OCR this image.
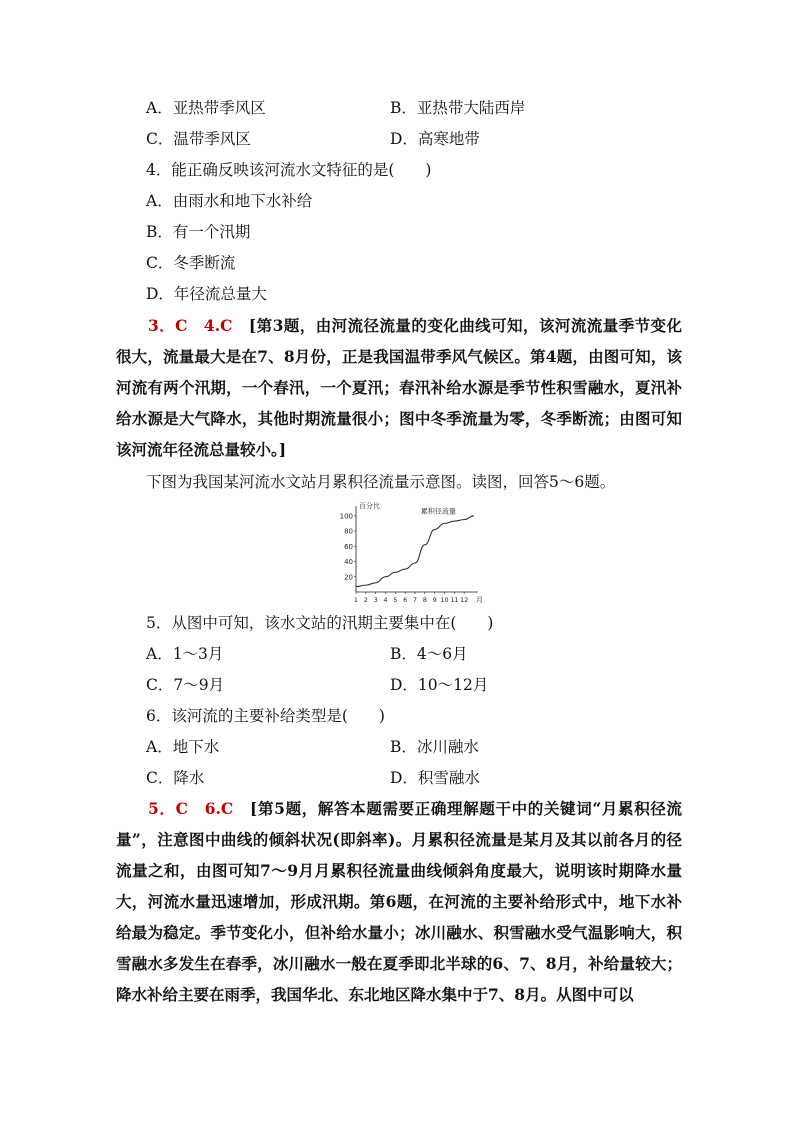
A．亚热带季风区	B．亚热带大陆西岸
C．温带季风区	D．高寒地带
4．能正确反映该河流水文特征的是(　　)
A．由雨水和地下水补给
B．有一个汛期
C．冬季断流
D．年径流总量大
3．C　4.C　 [第3题，由河流径流量的变化曲线可知，该河流流量季节变化很大，流量最大是在7、8月份，正是我国温带季风气候区。第4题，由图可知，该河流有两个汛期，一个春汛，一个夏汛；春汛补给水源是季节性积雪融水，夏汛补给水源是大气降水，其他时期流量很小；图中冬季流量为零，冬季断流；由图可知该河流年径流总量较小。]
下图为我国某河流水文站月累积径流量示意图。读图，回答5～6题。
百分比
20
40
60
80
100
1 2 3 4 5 6 7 8 9 10 11 12 月
累积径流量
5．从图中可知，该水文站的汛期主要集中在(　　)
A．1～3月	B．4～6月
C．7～9月	D．10～12月
6．该河流的主要补给类型是(　　)
A．地下水	B．冰川融水
C．降水	D．积雪融水
5．C　6.C　 [第5题，解答本题需要正确理解题干中的关键词“月累积径流量”，注意图中曲线的倾斜状况(即斜率)。月累积径流量是某月及其以前各月的径流量之和，由图可知7～9月月累积径流量曲线倾斜角度最大，说明该时期降水量大，河流水量迅速增加，形成汛期。第6题，在河流的主要补给形式中，地下水补给最为稳定。季节变化小，但补给水量小；冰川融水、积雪融水受气温影响大，积雪融水多发生在春季，冰川融水一般在夏季即北半球的6、7、8月，补给量较大；降水补给主要在雨季，我国华北、东北地区降水集中于7、8月。从图中可以
